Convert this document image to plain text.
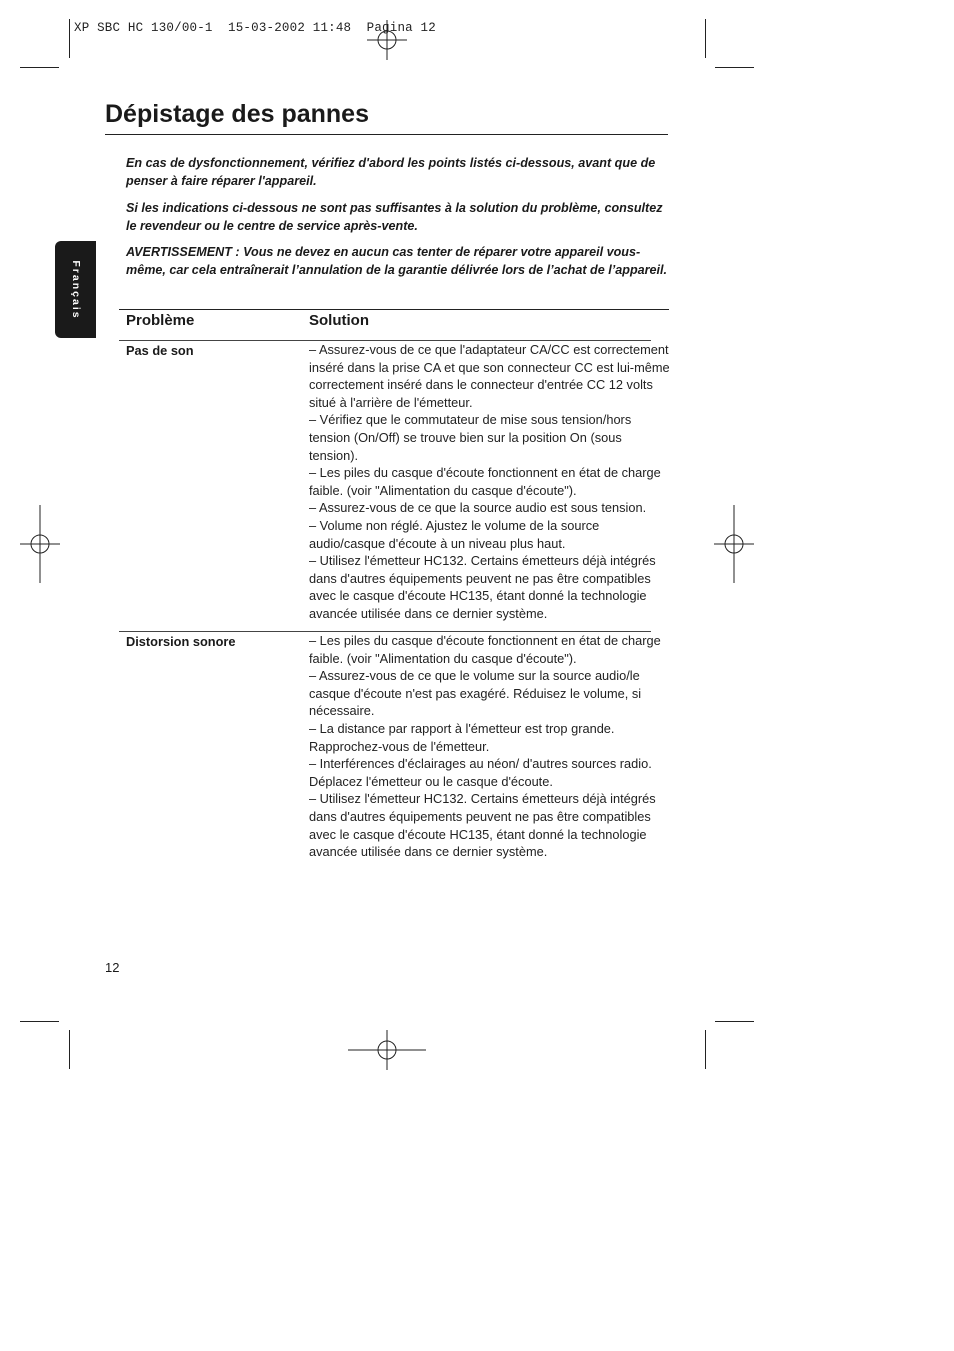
XP SBC HC 130/00-1  15-03-2002 11:48  Pagina 12
Dépistage des pannes
Français

En cas de dysfonctionnement, vérifiez d'abord les points listés ci-dessous, avant que de penser à faire réparer l'appareil.

Si les indications ci-dessous ne sont pas suffisantes à la solution du problème, consultez le revendeur ou le centre de service après-vente.

AVERTISSEMENT : Vous ne devez en aucun cas tenter de réparer votre appareil vous-même, car cela entraînerait l’annulation de la garantie délivrée lors de l’achat de l’appareil.

Problème	Solution
Pas de son	– Assurez-vous de ce que l'adaptateur CA/CC est correctement inséré dans la prise CA et que son connecteur CC est lui-même correctement inséré dans le connecteur d'entrée CC 12 volts situé à l'arrière de l'émetteur.
– Vérifiez que le commutateur de mise sous tension/hors tension (On/Off) se trouve bien sur la position On (sous tension).
– Les piles du casque d'écoute fonctionnent en état de charge faible. (voir "Alimentation du casque d'écoute").
– Assurez-vous de ce que la source audio est sous tension.
– Volume non réglé. Ajustez le volume de la source audio/casque d'écoute à un niveau plus haut.
– Utilisez l'émetteur HC132. Certains émetteurs déjà intégrés dans d'autres équipements peuvent ne pas être compatibles avec le casque d'écoute HC135, étant donné la technologie avancée utilisée dans ce dernier système.
Distorsion sonore	– Les piles du casque d'écoute fonctionnent en état de charge faible. (voir "Alimentation du casque d'écoute").
– Assurez-vous de ce que le volume sur la source audio/le casque d'écoute n'est pas exagéré. Réduisez le volume, si nécessaire.
– La distance par rapport à l'émetteur est trop grande. Rapprochez-vous de l'émetteur.
– Interférences d'éclairages au néon/ d'autres sources radio. Déplacez l'émetteur ou le casque d'écoute.
– Utilisez l'émetteur HC132. Certains émetteurs déjà intégrés dans d'autres équipements peuvent ne pas être compatibles avec le casque d'écoute HC135, étant donné la technologie avancée utilisée dans ce dernier système.
12
